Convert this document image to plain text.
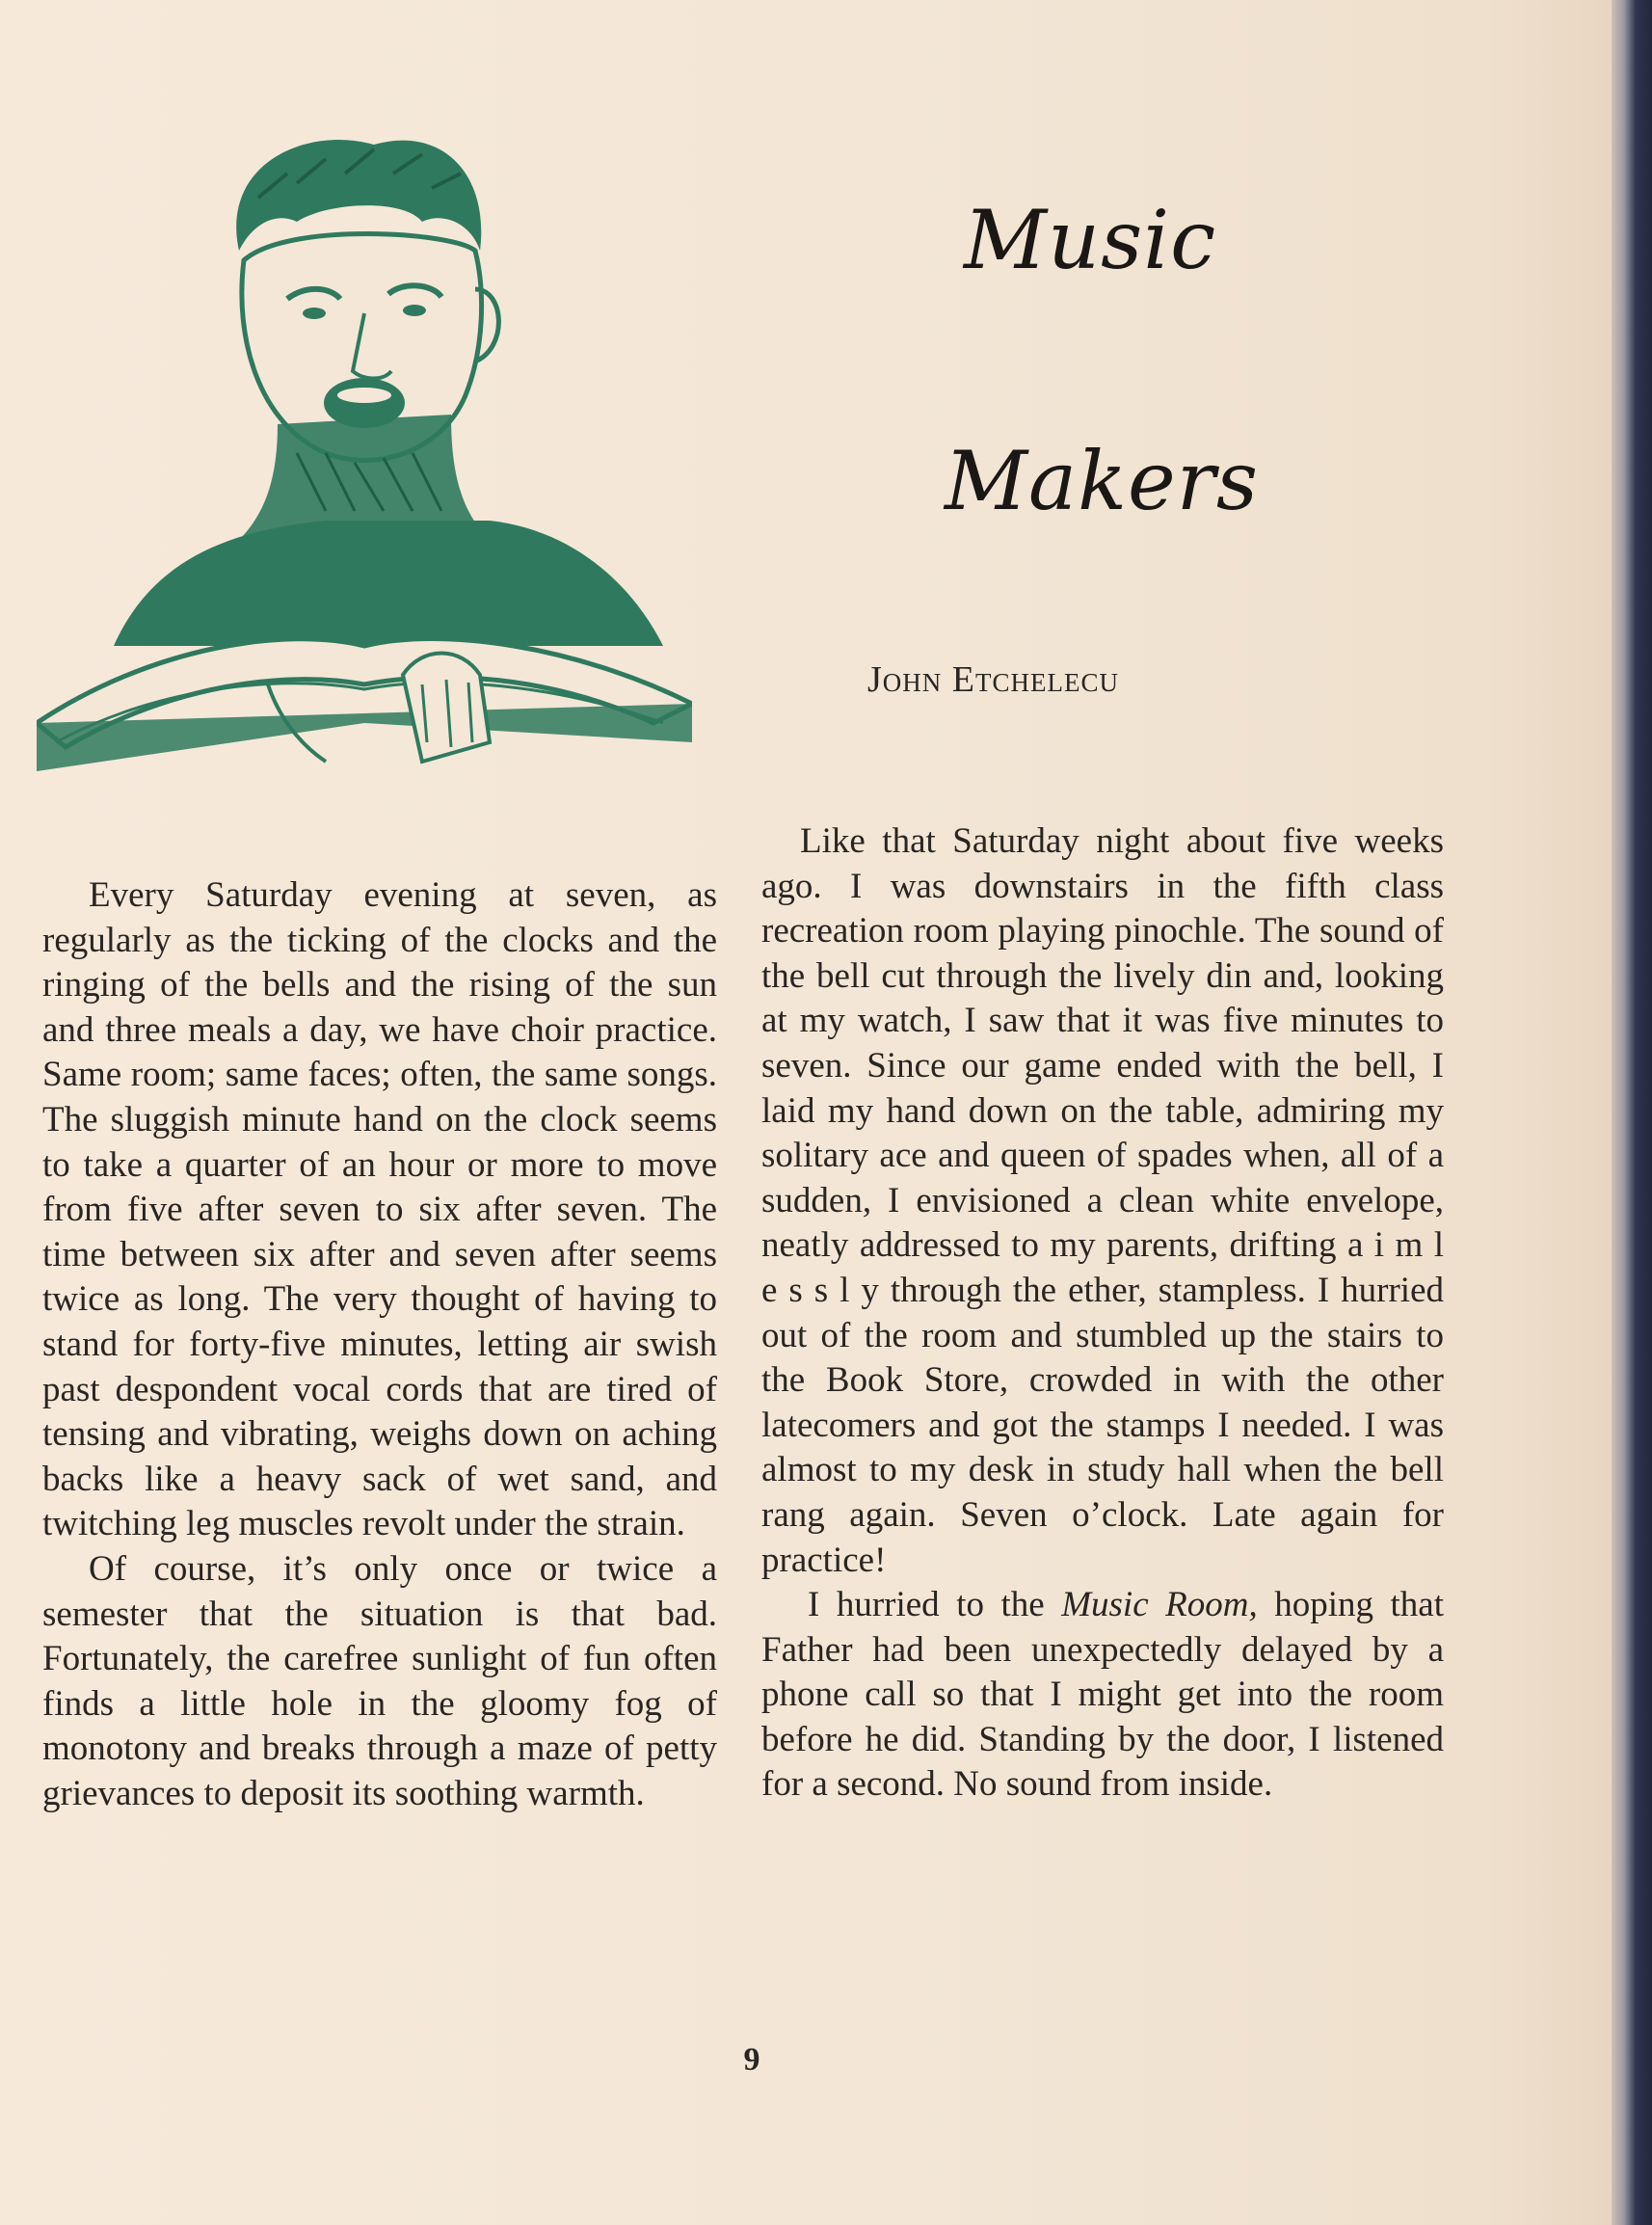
Music
Makers
John Etchelecu

Every Saturday evening at seven, as regularly as the ticking of the clocks and the ringing of the bells and the rising of the sun and three meals a day, we have choir practice. Same room; same faces; often, the same songs. The sluggish minute hand on the clock seems to take a quarter of an hour or more to move from five after seven to six after seven. The time between six after and seven after seems twice as long. The very thought of having to stand for forty-five minutes, letting air swish past despondent vocal cords that are tired of tensing and vibrating, weighs down on aching backs like a heavy sack of wet sand, and twitching leg muscles revolt under the strain.

Of course, it’s only once or twice a semester that the situation is that bad. Fortunately, the carefree sunlight of fun often finds a little hole in the gloomy fog of monotony and breaks through a maze of petty grievances to deposit its soothing warmth.

Like that Saturday night about five weeks ago. I was downstairs in the fifth class recreation room playing pinochle. The sound of the bell cut through the lively din and, looking at my watch, I saw that it was five minutes to seven. Since our game ended with the bell, I laid my hand down on the table, admiring my solitary ace and queen of spades when, all of a sudden, I envisioned a clean white envelope, neatly addressed to my parents, drifting a i m l e s s l y through the ether, stampless. I hurried out of the room and stumbled up the stairs to the Book Store, crowded in with the other latecomers and got the stamps I needed. I was almost to my desk in study hall when the bell rang again. Seven o’clock. Late again for practice!

I hurried to the Music Room, hoping that Father had been unexpectedly delayed by a phone call so that I might get into the room before he did. Standing by the door, I listened for a second. No sound from inside.

9
